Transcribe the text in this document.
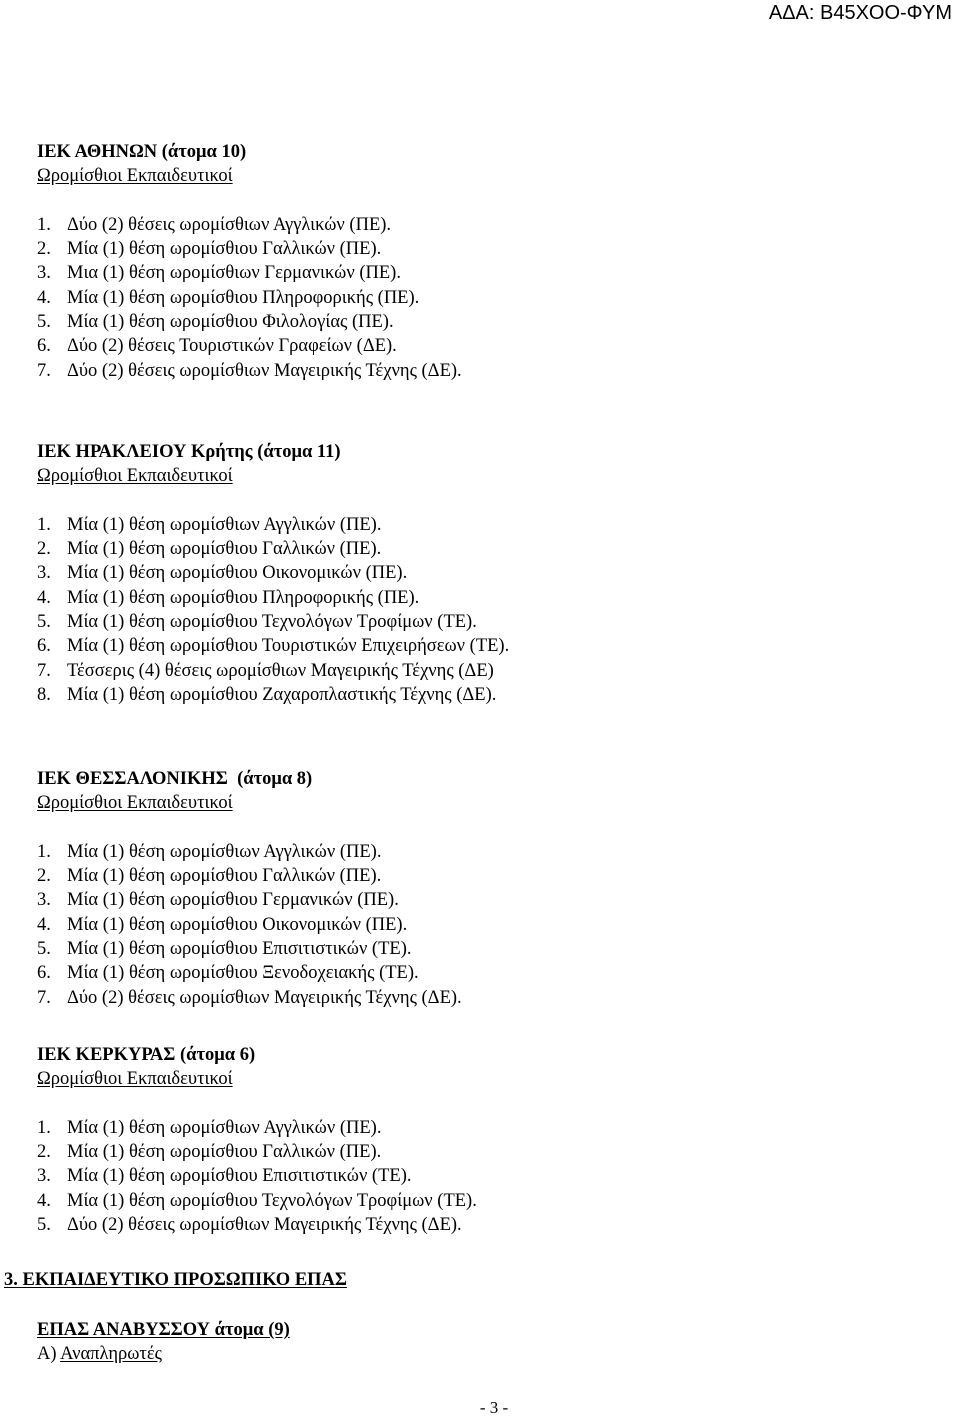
ΑΔΑ: Β45ΧΟΟ-ΦΥΜ
ΙΕΚ ΑΘΗΝΩΝ (άτομα 10)
Ωρομίσθιοι Εκπαιδευτικοί
1. Δύο (2) θέσεις ωρομίσθιων Αγγλικών (ΠΕ).
2. Μία (1) θέση ωρομίσθιου Γαλλικών (ΠΕ).
3. Μια (1) θέση ωρομίσθιων Γερμανικών (ΠΕ).
4. Μία (1) θέση ωρομίσθιου Πληροφορικής (ΠΕ).
5. Μία (1) θέση ωρομίσθιου Φιλολογίας (ΠΕ).
6. Δύο (2) θέσεις Τουριστικών Γραφείων (ΔΕ).
7. Δύο (2) θέσεις ωρομίσθιων Μαγειρικής Τέχνης (ΔΕ).
ΙΕΚ ΗΡΑΚΛΕΙΟΥ Κρήτης (άτομα 11)
Ωρομίσθιοι Εκπαιδευτικοί
1. Μία (1) θέση ωρομίσθιων Αγγλικών (ΠΕ).
2. Μία (1) θέση ωρομίσθιου Γαλλικών (ΠΕ).
3. Μία (1) θέση ωρομίσθιου Οικονομικών (ΠΕ).
4. Μία (1) θέση ωρομίσθιου Πληροφορικής (ΠΕ).
5. Μία (1) θέση ωρομίσθιου Τεχνολόγων Τροφίμων (ΤΕ).
6. Μία (1) θέση ωρομίσθιου Τουριστικών Επιχειρήσεων (ΤΕ).
7. Τέσσερις (4) θέσεις ωρομίσθιων Μαγειρικής Τέχνης (ΔΕ)
8. Μία (1) θέση ωρομίσθιου Ζαχαροπλαστικής Τέχνης (ΔΕ).
ΙΕΚ ΘΕΣΣΑΛΟΝΙΚΗΣ  (άτομα 8)
Ωρομίσθιοι Εκπαιδευτικοί
1. Μία (1) θέση ωρομίσθιων Αγγλικών (ΠΕ).
2. Μία (1) θέση ωρομίσθιου Γαλλικών (ΠΕ).
3. Μία (1) θέση ωρομίσθιου Γερμανικών (ΠΕ).
4. Μία (1) θέση ωρομίσθιου Οικονομικών (ΠΕ).
5. Μία (1) θέση ωρομίσθιου Επισιτιστικών (ΤΕ).
6. Μία (1) θέση ωρομίσθιου Ξενοδοχειακής (ΤΕ).
7. Δύο (2) θέσεις ωρομίσθιων Μαγειρικής Τέχνης (ΔΕ).
ΙΕΚ ΚΕΡΚΥΡΑΣ (άτομα 6)
Ωρομίσθιοι Εκπαιδευτικοί
1. Μία (1) θέση ωρομίσθιων Αγγλικών (ΠΕ).
2. Μία (1) θέση ωρομίσθιου Γαλλικών (ΠΕ).
3. Μία (1) θέση ωρομίσθιου Επισιτιστικών (ΤΕ).
4. Μία (1) θέση ωρομίσθιου Τεχνολόγων Τροφίμων (ΤΕ).
5. Δύο (2) θέσεις ωρομίσθιων Μαγειρικής Τέχνης (ΔΕ).
3. ΕΚΠΑΙΔΕΥΤΙΚΟ ΠΡΟΣΩΠΙΚΟ ΕΠΑΣ
ΕΠΑΣ ΑΝΑΒΥΣΣΟΥ άτομα (9)
Α) Αναπληρωτές
- 3 -
